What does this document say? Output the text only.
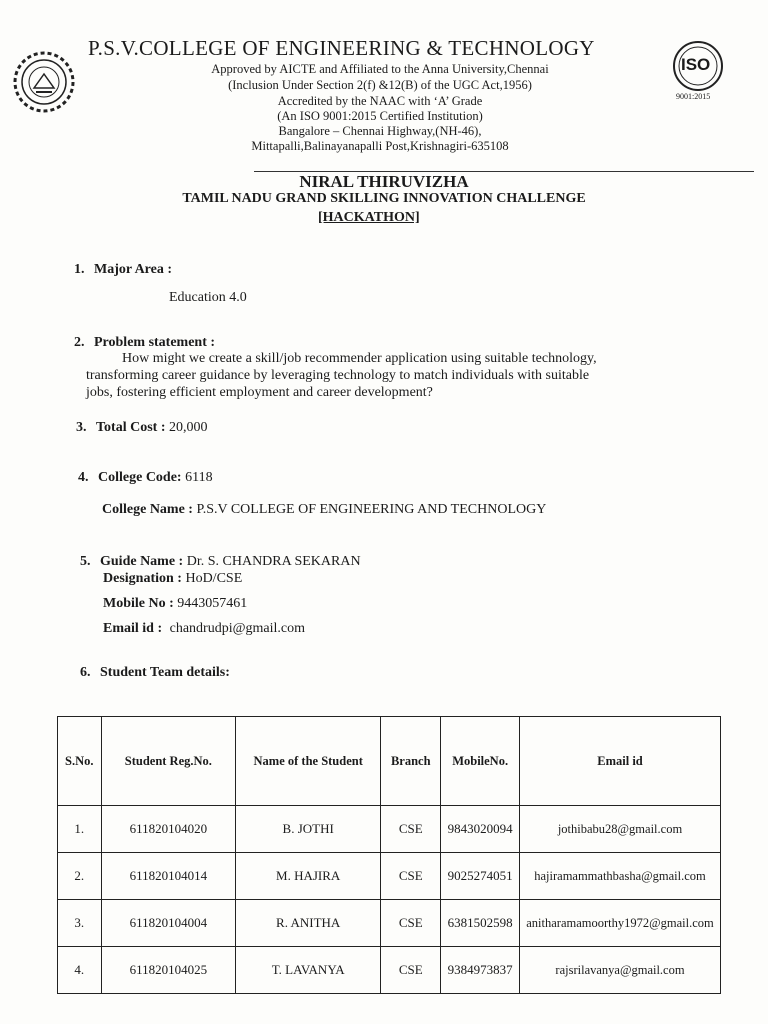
P.S.V.COLLEGE OF ENGINEERING & TECHNOLOGY
Approved by AICTE and Affiliated to the Anna University,Chennai
(Inclusion Under Section 2(f) &12(B) of the UGC Act,1956)
Accredited by the NAAC with ‘A’ Grade
(An ISO 9001:2015 Certified Institution)
Bangalore – Chennai Highway,(NH-46),
Mittapalli,Balinayanapalli Post,Krishnagiri-635108
ISO
9001:2015
NIRAL THIRUVIZHA
TAMIL NADU GRAND SKILLING INNOVATION CHALLENGE
[HACKATHON]
1. Major Area :
Education 4.0
2. Problem statement :
How might we create a skill/job recommender application using suitable technology,
transforming career guidance by leveraging technology to match individuals with suitable
jobs, fostering efficient employment and career development?
3. Total Cost : 20,000
4. College Code: 6118
College Name : P.S.V COLLEGE OF ENGINEERING AND TECHNOLOGY
5. Guide Name : Dr. S. CHANDRA SEKARAN
Designation : HoD/CSE
Mobile No : 9443057461
Email id : chandrudpi@gmail.com
6. Student Team details:
S.No.	Student Reg.No.	Name of the Student	Branch	MobileNo.	Email id
1.	611820104020	B. JOTHI	CSE	9843020094	jothibabu28@gmail.com
2.	611820104014	M. HAJIRA	CSE	9025274051	hajiramammathbasha@gmail.com
3.	611820104004	R. ANITHA	CSE	6381502598	anitharamamoorthy1972@gmail.com
4.	611820104025	T. LAVANYA	CSE	9384973837	rajsrilavanya@gmail.com
